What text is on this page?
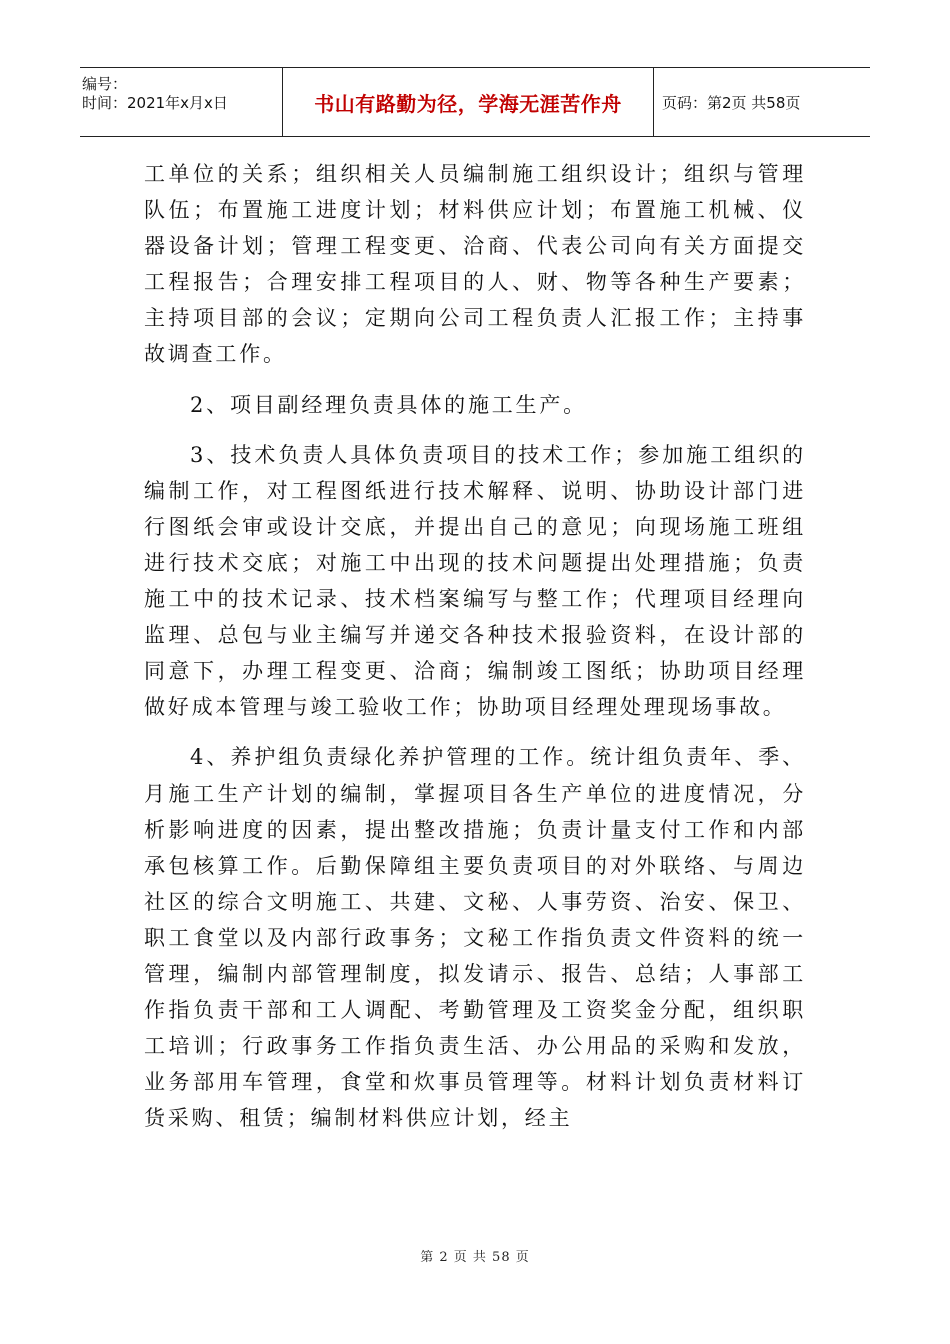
编号：
时间：2021年x月x日	书山有路勤为径，学海无涯苦作舟	页码：第2页 共58页

工单位的关系；组织相关人员编制施工组织设计；组织与管理队伍；布置施工进度计划；材料供应计划；布置施工机械、仪器设备计划；管理工程变更、洽商、代表公司向有关方面提交工程报告；合理安排工程项目的人、财、物等各种生产要素；主持项目部的会议；定期向公司工程负责人汇报工作；主持事故调查工作。

2、项目副经理负责具体的施工生产。

3、技术负责人具体负责项目的技术工作；参加施工组织的编制工作，对工程图纸进行技术解释、说明、协助设计部门进行图纸会审或设计交底，并提出自己的意见；向现场施工班组进行技术交底；对施工中出现的技术问题提出处理措施；负责施工中的技术记录、技术档案编写与整工作；代理项目经理向监理、总包与业主编写并递交各种技术报验资料，在设计部的同意下，办理工程变更、洽商；编制竣工图纸；协助项目经理做好成本管理与竣工验收工作；协助项目经理处理现场事故。

4、养护组负责绿化养护管理的工作。统计组负责年、季、月施工生产计划的编制，掌握项目各生产单位的进度情况，分析影响进度的因素，提出整改措施；负责计量支付工作和内部承包核算工作。后勤保障组主要负责项目的对外联络、与周边社区的综合文明施工、共建、文秘、人事劳资、治安、保卫、职工食堂以及内部行政事务；文秘工作指负责文件资料的统一管理，编制内部管理制度，拟发请示、报告、总结；人事部工作指负责干部和工人调配、考勤管理及工资奖金分配，组织职工培训；行政事务工作指负责生活、办公用品的采购和发放，业务部用车管理，食堂和炊事员管理等。材料计划负责材料订货采购、租赁；编制材料供应计划，经主

第 2 页 共 58 页
